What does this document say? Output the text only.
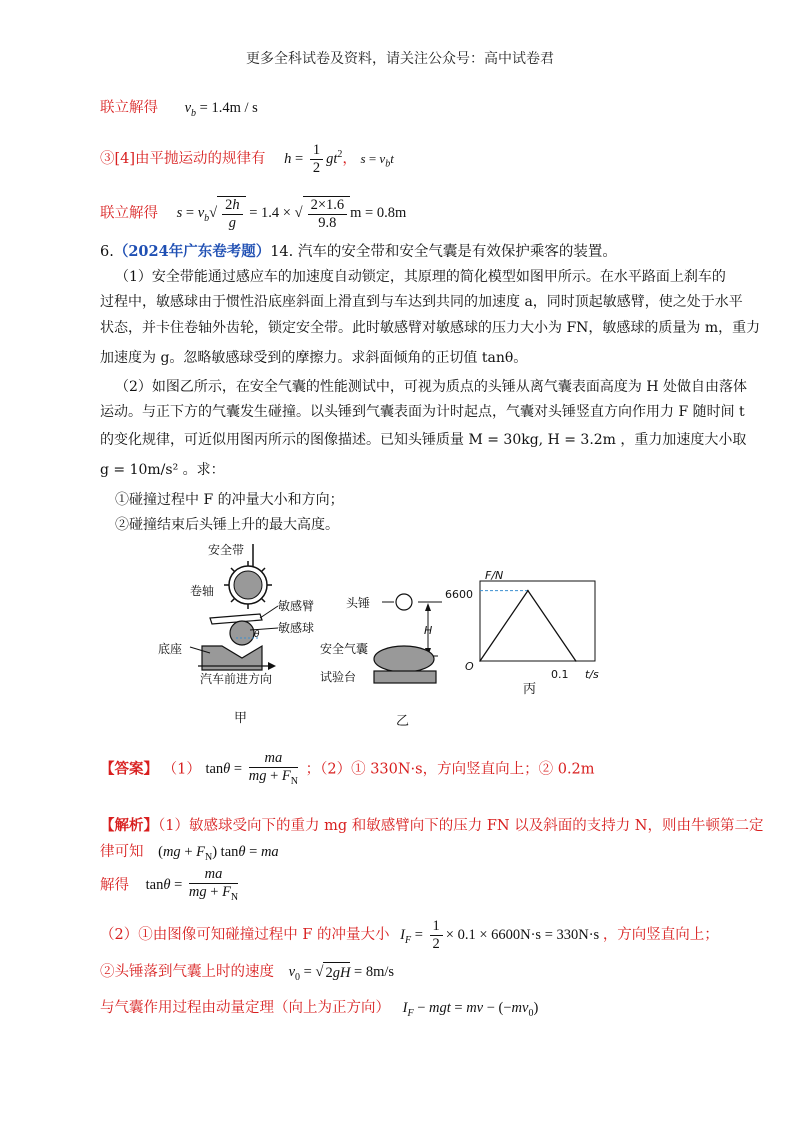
更多全科试卷及资料，请关注公众号：高中试卷君
联立解得 $v_b = 1.4m / s$
③[4]由平抛运动的规律有 $h = \frac{1}{2} gt^2$， $s = v_bt$
联立解得 $s = v_b√ \frac{2h}{g} = 1.4$ × √ $\frac{2\times 1.6}{9.8}$ m = 0.8m
6.（2024年广东卷考题）14. 汽车的安全带和安全气囊是有效保护乘客的装置。
（1）安全带能通过感应车的加速度自动锁定，其原理的简化模型如图甲所示。在水平路面上刹车的
过程中，敏感球由于惯性沿底座斜面上滑直到与车达到共同的加速度 a，同时顶起敏感臂，使之处于水平
状态，并卡住卷轴外齿轮，锁定安全带。此时敏感臂对敏感球的压力大小为 FN，敏感球的质量为 m，重力
加速度为 g。忽略敏感球受到的摩擦力。求斜面倾角的正切值 tanθ。
（2）如图乙所示，在安全气囊的性能测试中，可视为质点的头锤从离气囊表面高度为 H 处做自由落体
运动。与正下方的气囊发生碰撞。以头锤到气囊表面为计时起点，气囊对头锤竖直方向作用力 F 随时间 t
的变化规律，可近似用图丙所示的图像描述。已知头锤质量 M = 30kg, H = 3.2m ，重力加速度大小取
g = 10m/s² 。求：
①碰撞过程中 F 的冲量大小和方向；
②碰撞结束后头锤上升的最大高度。
θ
安全带
卷轴
敏感臂
敏感球
底座
汽车前进方向
甲
头锤
H
安全气囊
试验台
乙
F/N
t/s
O
0.1
6600
丙
【答案】 （1） $\tan\theta = \frac{ma}{mg + F_N}$ ；（2）① 330N·s，方向竖直向上；② 0.2m
【解析】（1）敏感球受向下的重力 mg 和敏感臂向下的压力 FN 以及斜面的支持力 N，则由牛顿第二定
律可知 $(mg + F_N)$ tanθ = ma
解得 $\tan\theta = \frac{ma}{mg + F_N}$
（2）①由图像可知碰撞过程中 F 的冲量大小 $I_F = \frac{1}{2} \times 0.1 \times 6600N\cdot s = 330N\cdot s$ ，方向竖直向上；
②头锤落到气囊上时的速度 $v_0$ = √ 2gH = 8m/s
与气囊作用过程由动量定理（向上为正方向） $I_F$ − mgt = mv − $(-mv_0)$
